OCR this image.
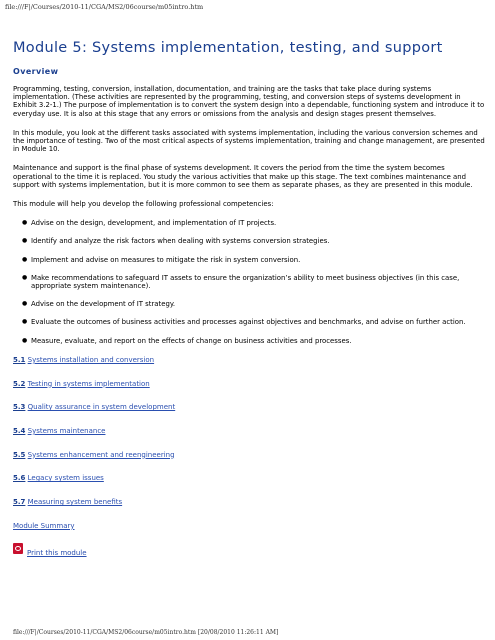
file:///F|/Courses/2010-11/CGA/MS2/06course/m05intro.htm
Module 5: Systems implementation, testing, and support
Overview

Programming, testing, conversion, installation, documentation, and training are the tasks that take place during systems implementation. (These activities are represented by the programming, testing, and conversion steps of systems development in Exhibit 3.2-1.) The purpose of implementation is to convert the system design into a dependable, functioning system and introduce it to everyday use. It is also at this stage that any errors or omissions from the analysis and design stages present themselves.

In this module, you look at the different tasks associated with systems implementation, including the various conversion schemes and the importance of testing. Two of the most critical aspects of systems implementation, training and change management, are presented in Module 10.

Maintenance and support is the final phase of systems development. It covers the period from the time the system becomes operational to the time it is replaced. You study the various activities that make up this stage. The text combines maintenance and support with systems implementation, but it is more common to see them as separate phases, as they are presented in this module.

This module will help you develop the following professional competencies:

● Advise on the design, development, and implementation of IT projects.
● Identify and analyze the risk factors when dealing with systems conversion strategies.
● Implement and advise on measures to mitigate the risk in system conversion.
● Make recommendations to safeguard IT assets to ensure the organization’s ability to meet business objectives (in this case, appropriate system maintenance).
● Advise on the development of IT strategy.
● Evaluate the outcomes of business activities and processes against objectives and benchmarks, and advise on further action.
● Measure, evaluate, and report on the effects of change on business activities and processes.
5.1 Systems installation and conversion
5.2 Testing in systems implementation
5.3 Quality assurance in system development
5.4 Systems maintenance
5.5 Systems enhancement and reengineering
5.6 Legacy system issues
5.7 Measuring system benefits
Module Summary
Print this module
file:///F|/Courses/2010-11/CGA/MS2/06course/m05intro.htm [20/08/2010 11:26:11 AM]
